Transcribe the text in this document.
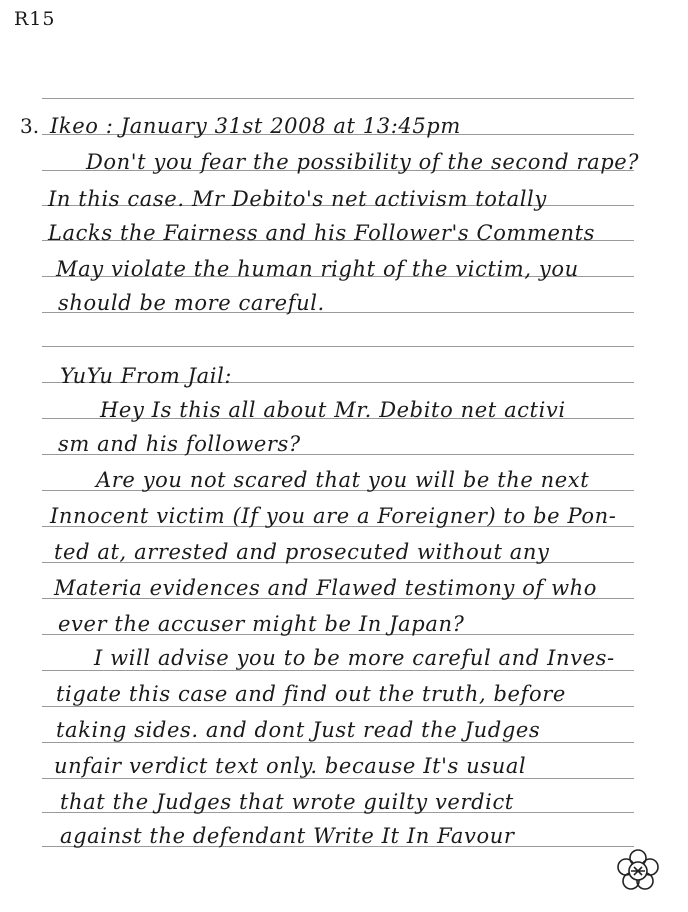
R15
3. Ikeo : January 31st 2008 at 13:45pm
Don't you fear the possibility of the second rape?
In this case. Mr Debito's net activism totally
Lacks the Fairness and his Follower's Comments
May violate the human right of the victim, you
should be more careful.
YuYu From Jail:
Hey Is this all about Mr. Debito net activi
sm and his followers?
Are you not scared that you will be the next
Innocent victim (If you are a Foreigner) to be Pon-
ted at, arrested and prosecuted without any
Materia evidences and Flawed testimony of who
ever the accuser might be In Japan?
I will advise you to be more careful and Inves-
tigate this case and find out the truth, before
taking sides. and dont Just read the Judges
unfair verdict text only. because It's usual
that the Judges that wrote guilty verdict
against the defendant Write It In Favour
